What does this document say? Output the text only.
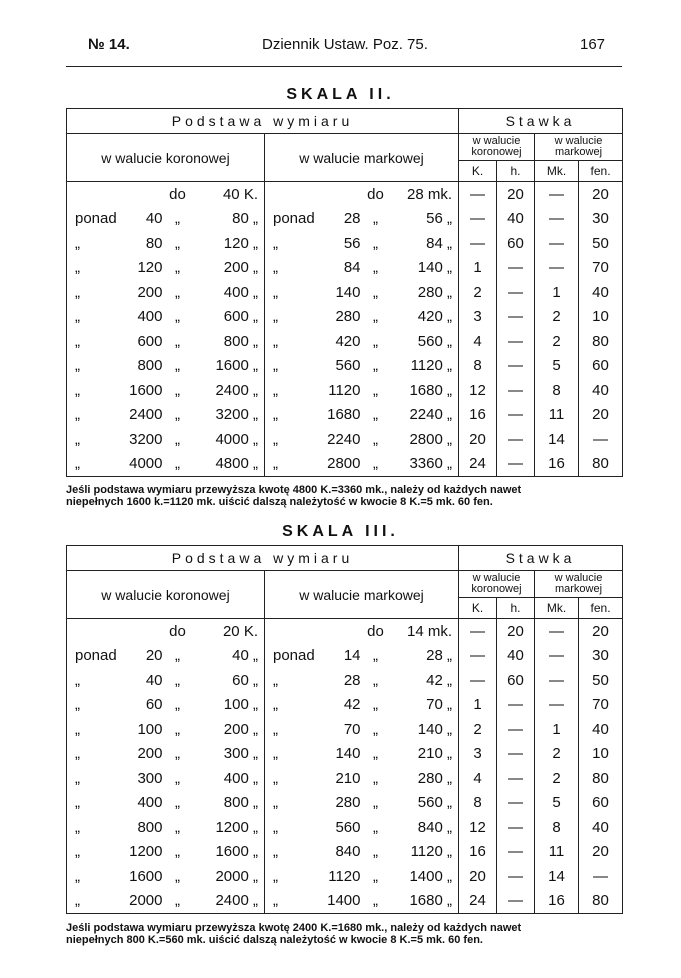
№ 14.	Dziennik Ustaw. Poz. 75.	167
SKALA II.
Podstawa wymiaru								Stawka			
w walucie koronowej				w walucie markowej				w walucie koronowej		w walucie markowej	
								K.	h.	Mk.	fen.
		do	40 K.			do	28 mk.	—	20	—	20
ponad	40	„	80 „	ponad	28	„	56 „	—	40	—	30
„	80	„	120 „	„	56	„	84 „	—	60	—	50
„	120	„	200 „	„	84	„	140 „	1	—	—	70
„	200	„	400 „	„	140	„	280 „	2	—	1	40
„	400	„	600 „	„	280	„	420 „	3	—	2	10
„	600	„	800 „	„	420	„	560 „	4	—	2	80
„	800	„	1600 „	„	560	„	1120 „	8	—	5	60
„	1600	„	2400 „	„	1120	„	1680 „	12	—	8	40
„	2400	„	3200 „	„	1680	„	2240 „	16	—	11	20
„	3200	„	4000 „	„	2240	„	2800 „	20	—	14	—
„	4000	„	4800 „	„	2800	„	3360 „	24	—	16	80
Jeśli podstawa wymiaru przewyższa kwotę 4800 K.=3360 mk., należy od każdych nawet
niepełnych 1600 k.=1120 mk. uiścić dalszą należytość w kwocie 8 K.=5 mk. 60 fen.
SKALA III.
Podstawa wymiaru								Stawka			
w walucie koronowej				w walucie markowej				w walucie koronowej		w walucie markowej	
								K.	h.	Mk.	fen.
		do	20 K.			do	14 mk.	—	20	—	20
ponad	20	„	40 „	ponad	14	„	28 „	—	40	—	30
„	40	„	60 „	„	28	„	42 „	—	60	—	50
„	60	„	100 „	„	42	„	70 „	1	—	—	70
„	100	„	200 „	„	70	„	140 „	2	—	1	40
„	200	„	300 „	„	140	„	210 „	3	—	2	10
„	300	„	400 „	„	210	„	280 „	4	—	2	80
„	400	„	800 „	„	280	„	560 „	8	—	5	60
„	800	„	1200 „	„	560	„	840 „	12	—	8	40
„	1200	„	1600 „	„	840	„	1120 „	16	—	11	20
„	1600	„	2000 „	„	1120	„	1400 „	20	—	14	—
„	2000	„	2400 „	„	1400	„	1680 „	24	—	16	80
Jeśli podstawa wymiaru przewyższa kwotę 2400 K.=1680 mk., należy od każdych nawet
niepełnych 800 K.=560 mk. uiścić dalszą należytość w kwocie 8 K.=5 mk. 60 fen.
